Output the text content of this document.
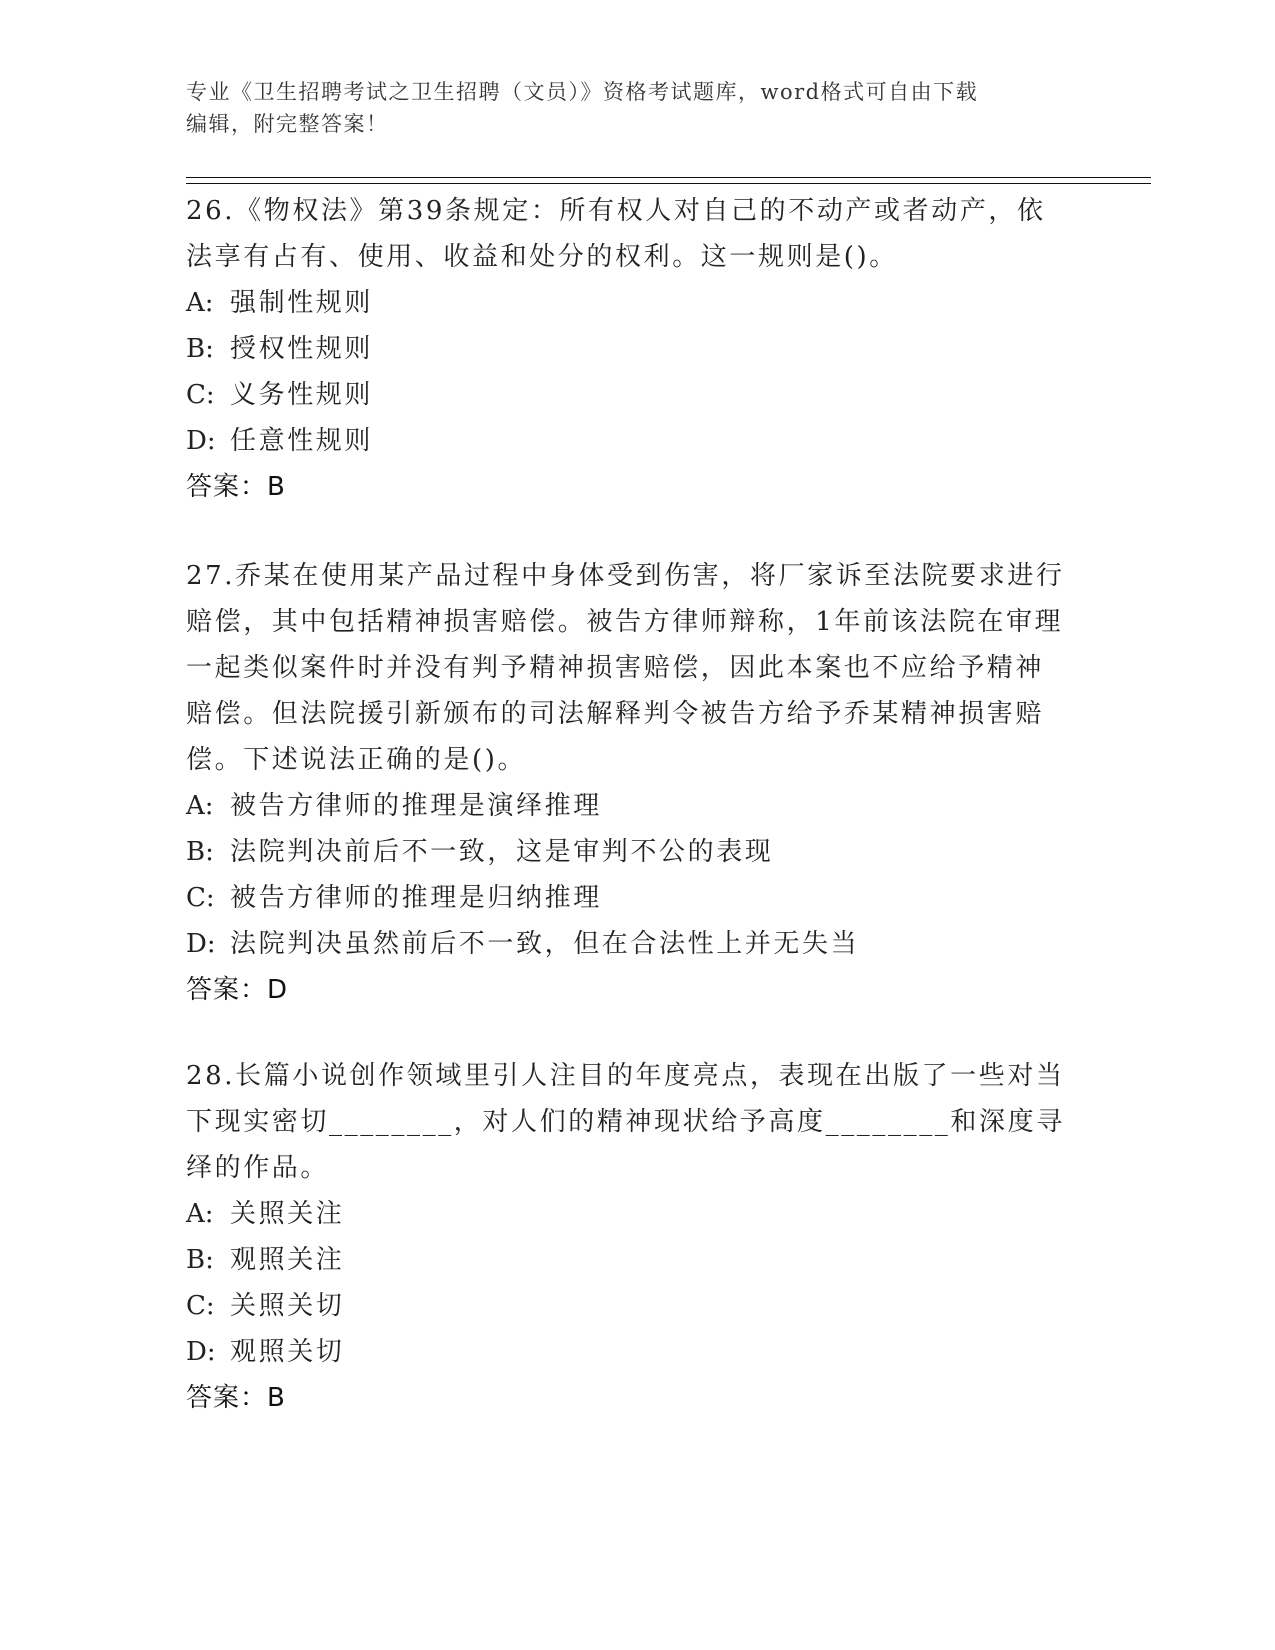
专业《卫生招聘考试之卫生招聘（文员）》资格考试题库，word格式可自由下载
编辑，附完整答案！

26.《物权法》第39条规定：所有权人对自己的不动产或者动产，依

法享有占有、使用、收益和处分的权利。这一规则是()。

A: 强制性规则

B: 授权性规则

C: 义务性规则

D: 任意性规则

答案：B

27.乔某在使用某产品过程中身体受到伤害，将厂家诉至法院要求进行

赔偿，其中包括精神损害赔偿。被告方律师辩称，1年前该法院在审理

一起类似案件时并没有判予精神损害赔偿，因此本案也不应给予精神

赔偿。但法院援引新颁布的司法解释判令被告方给予乔某精神损害赔

偿。下述说法正确的是()。

A: 被告方律师的推理是演绎推理

B: 法院判决前后不一致，这是审判不公的表现

C: 被告方律师的推理是归纳推理

D: 法院判决虽然前后不一致，但在合法性上并无失当

答案：D

28.长篇小说创作领域里引人注目的年度亮点，表现在出版了一些对当

下现实密切________，对人们的精神现状给予高度________和深度寻

绎的作品。

A: 关照关注

B: 观照关注

C: 关照关切

D: 观照关切

答案：B
